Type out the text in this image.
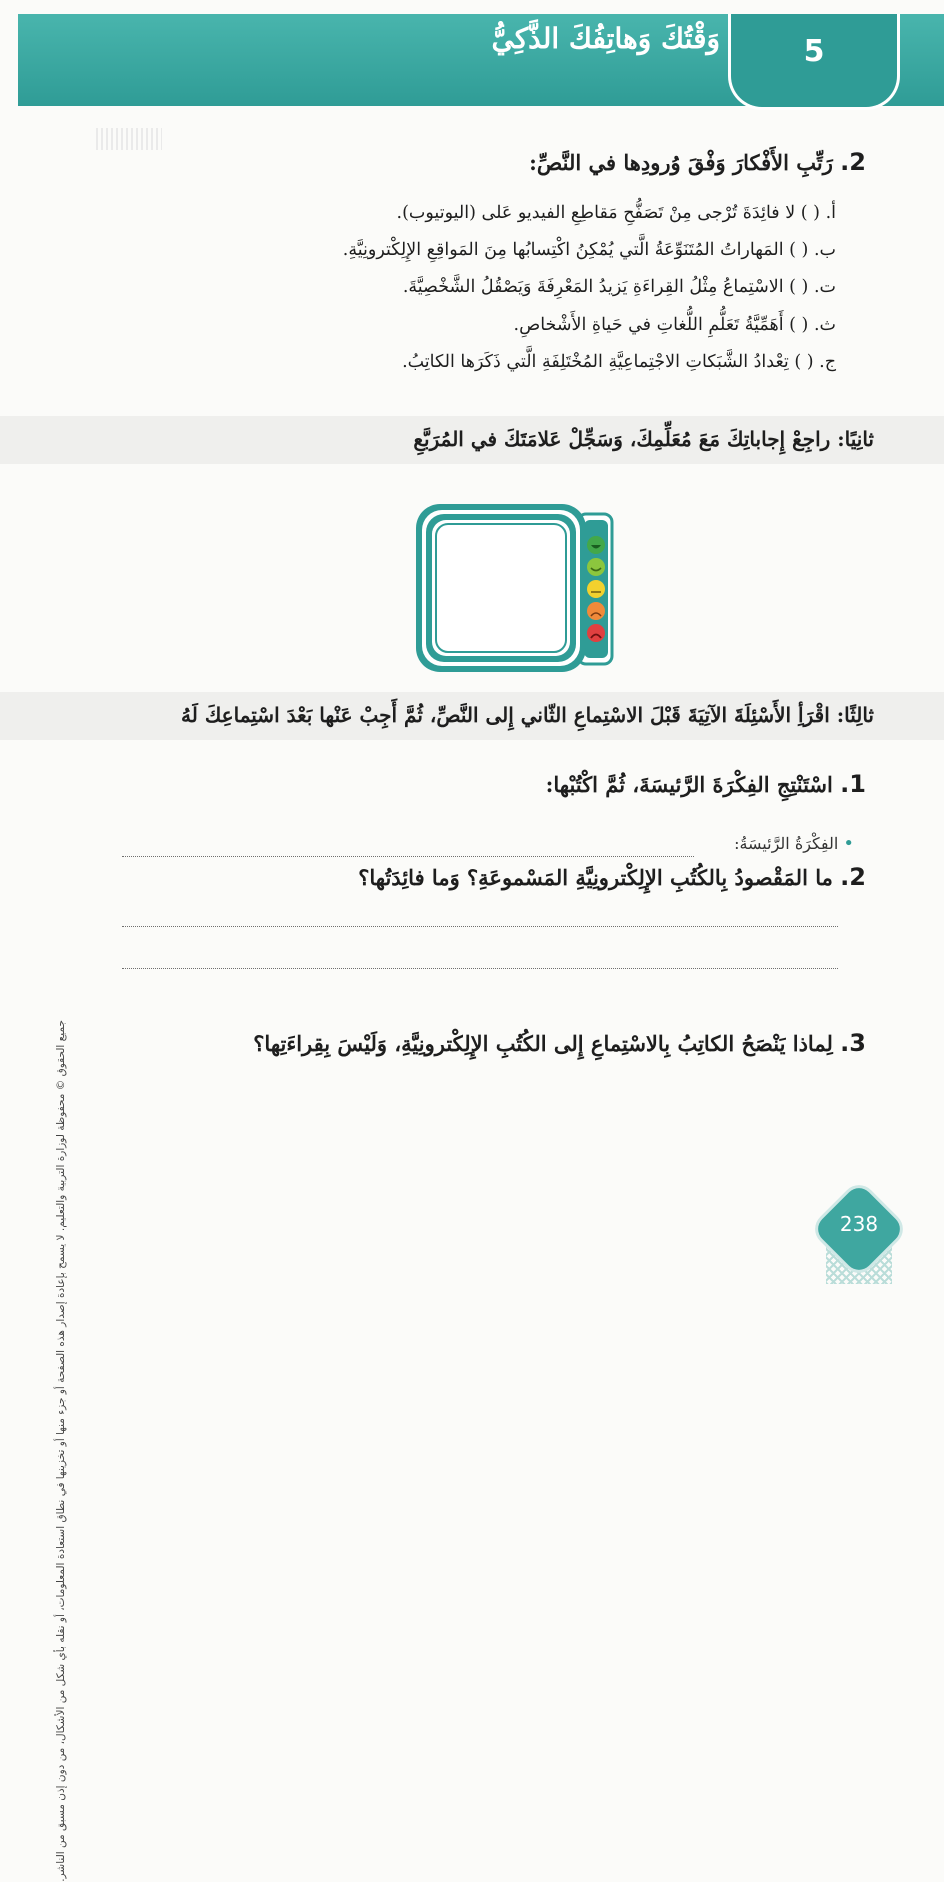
وَقْتُكَ وَهاتِفُكَ الذَّكِيُّ	5
جميع الحقوق © محفوظة لوزارة التربية والتعليم. لا يسمح بإعادة إصدار هذه الصفحة أو جزء منها أو تخزينها في نطاق استعادة المعلومات، أو نقله بأي شكل من الأشكال، من دون إذن مسبق من الناشر.
2. رَتِّبِ الأَفْكارَ وَفْقَ وُرودِها في النَّصِّ:
أ. ( ) لا فائِدَةَ تُرْجى مِنْ تَصَفُّحِ مَقاطِعِ الفيديو عَلى (اليوتيوب).
ب. ( ) المَهاراتُ المُتَنَوِّعَةُ الَّتي يُمْكِنُ اكْتِسابُها مِنَ المَواقِعِ الإِلِكْترونِيَّةِ.
ت. ( ) الاسْتِماعُ مِثْلُ القِراءَةِ يَزيدُ المَعْرِفَةَ وَيَصْقُلُ الشَّخْصِيَّةَ.
ث. ( ) أَهَمِّيَّةُ تَعَلُّمِ اللُّغاتِ في حَياةِ الأَشْخاصِ.
ج. ( ) تِعْدادُ الشَّبَكاتِ الاجْتِماعِيَّةِ المُخْتَلِفَةِ الَّتي ذَكَرَها الكاتِبُ.
ثانِيًا: راجِعْ إِجاباتِكَ مَعَ مُعَلِّمِكَ، وَسَجِّلْ عَلامَتَكَ في المُرَبَّعِ
ثالِثًا: اقْرَأِ الأَسْئِلَةَ الآتِيَةَ قَبْلَ الاسْتِماعِ الثّاني إِلى النَّصِّ، ثُمَّ أَجِبْ عَنْها بَعْدَ اسْتِماعِكَ لَهُ
1. اسْتَنْتِجِ الفِكْرَةَ الرَّئيسَةَ، ثُمَّ اكْتُبْها:
• الفِكْرَةُ الرَّئيسَةُ:
2. ما المَقْصودُ بِالكُتُبِ الإِلِكْترونِيَّةِ المَسْموعَةِ؟ وَما فائِدَتُها؟
3. لِماذا يَنْصَحُ الكاتِبُ بِالاسْتِماعِ إِلى الكُتُبِ الإِلِكْترونِيَّةِ، وَلَيْسَ بِقِراءَتِها؟
238
